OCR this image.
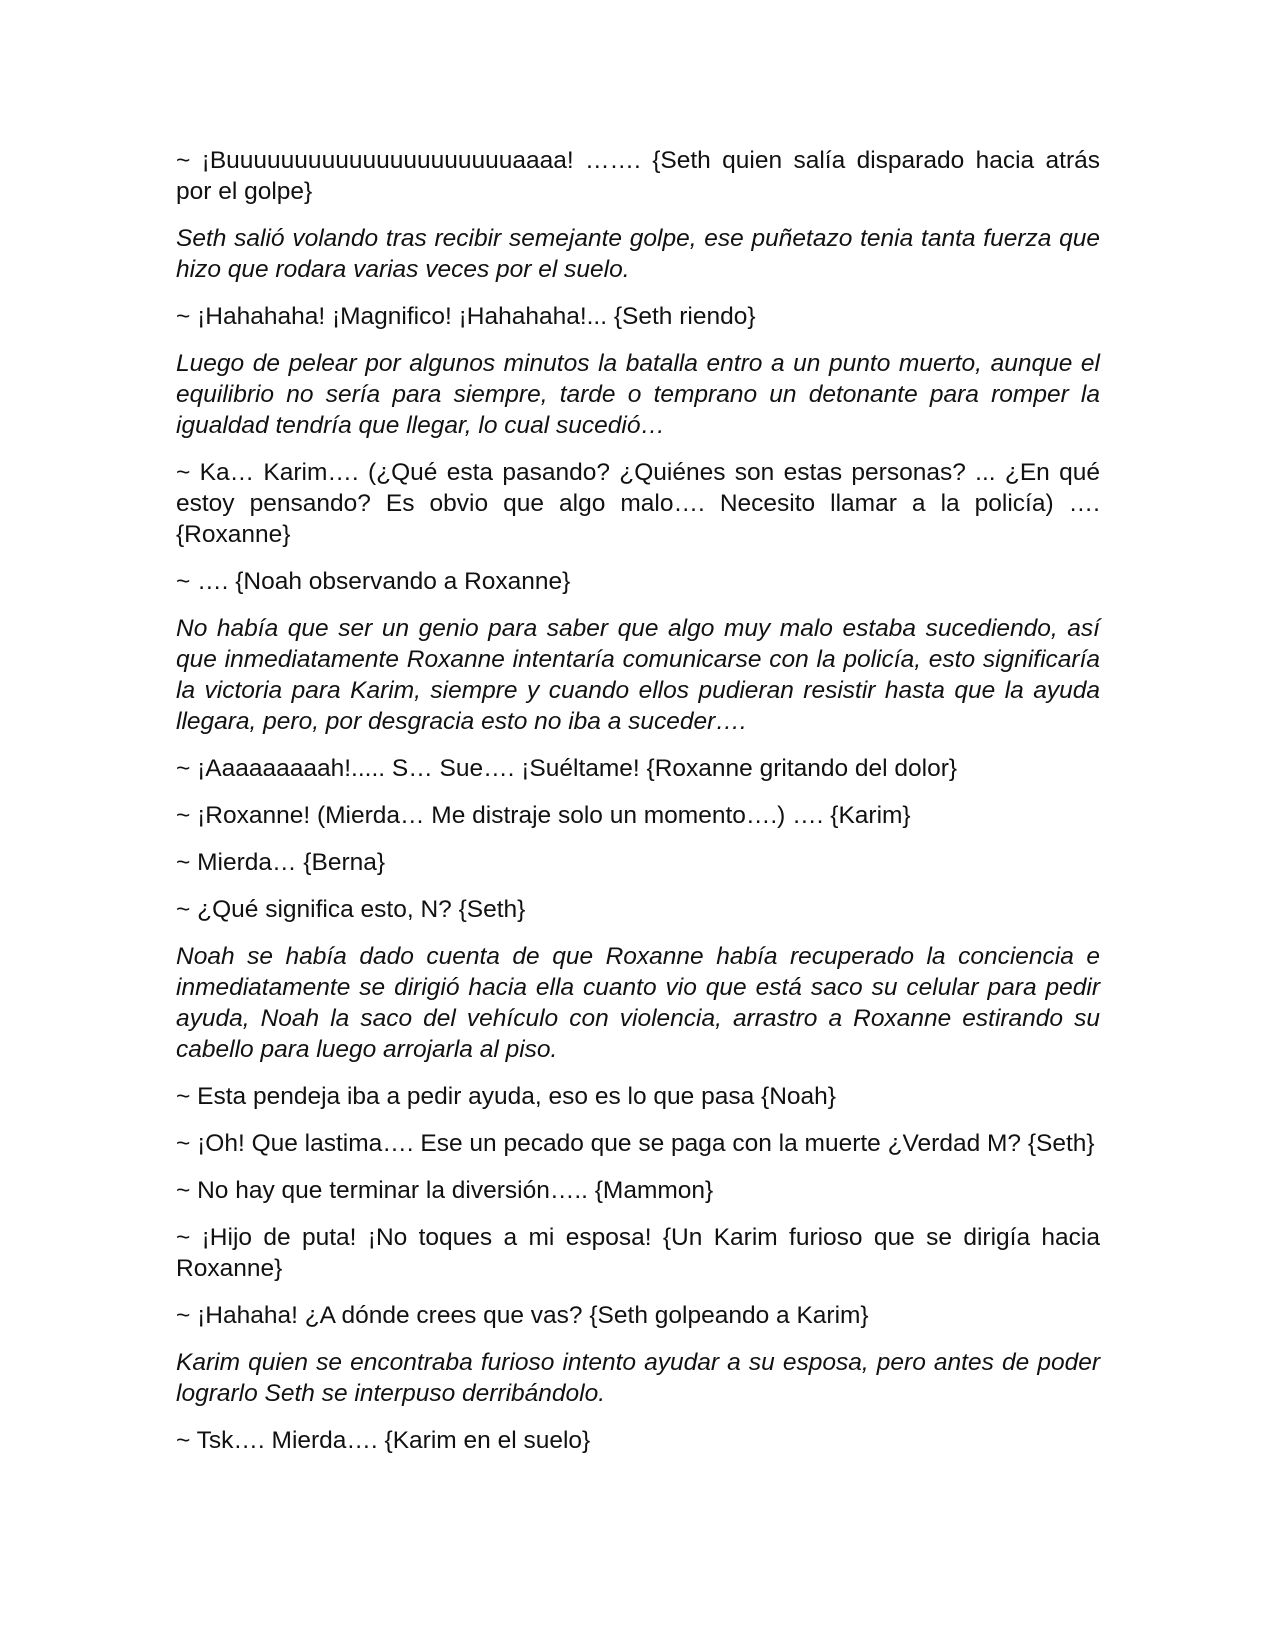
~ ¡Buuuuuuuuuuuuuuuuuuuuuaaaa! ……. {Seth quien salía disparado hacia atrás por el golpe}

Seth salió volando tras recibir semejante golpe, ese puñetazo tenia tanta fuerza que hizo que rodara varias veces por el suelo.

~ ¡Hahahaha! ¡Magnifico! ¡Hahahaha!... {Seth riendo}

Luego de pelear por algunos minutos la batalla entro a un punto muerto, aunque el equilibrio no sería para siempre, tarde o temprano un detonante para romper la igualdad tendría que llegar, lo cual sucedió…

~ Ka… Karim…. (¿Qué esta pasando? ¿Quiénes son estas personas? ... ¿En qué estoy pensando? Es obvio que algo malo…. Necesito llamar a la policía) …. {Roxanne}

~ …. {Noah observando a Roxanne}

No había que ser un genio para saber que algo muy malo estaba sucediendo, así que inmediatamente Roxanne intentaría comunicarse con la policía, esto significaría la victoria para Karim, siempre y cuando ellos pudieran resistir hasta que la ayuda llegara, pero, por desgracia esto no iba a suceder….

~ ¡Aaaaaaaaah!..... S… Sue…. ¡Suéltame! {Roxanne gritando del dolor}

~ ¡Roxanne! (Mierda… Me distraje solo un momento….) …. {Karim}

~ Mierda… {Berna}

~ ¿Qué significa esto, N? {Seth}

Noah se había dado cuenta de que Roxanne había recuperado la conciencia e inmediatamente se dirigió hacia ella cuanto vio que está saco su celular para pedir ayuda, Noah la saco del vehículo con violencia, arrastro a Roxanne estirando su cabello para luego arrojarla al piso.

~ Esta pendeja iba a pedir ayuda, eso es lo que pasa {Noah}

~ ¡Oh! Que lastima…. Ese un pecado que se paga con la muerte ¿Verdad M? {Seth}

~ No hay que terminar la diversión….. {Mammon}

~ ¡Hijo de puta! ¡No toques a mi esposa! {Un Karim furioso que se dirigía hacia Roxanne}

~ ¡Hahaha! ¿A dónde crees que vas? {Seth golpeando a Karim}

Karim quien se encontraba furioso intento ayudar a su esposa, pero antes de poder lograrlo Seth se interpuso derribándolo.

~ Tsk…. Mierda…. {Karim en el suelo}
